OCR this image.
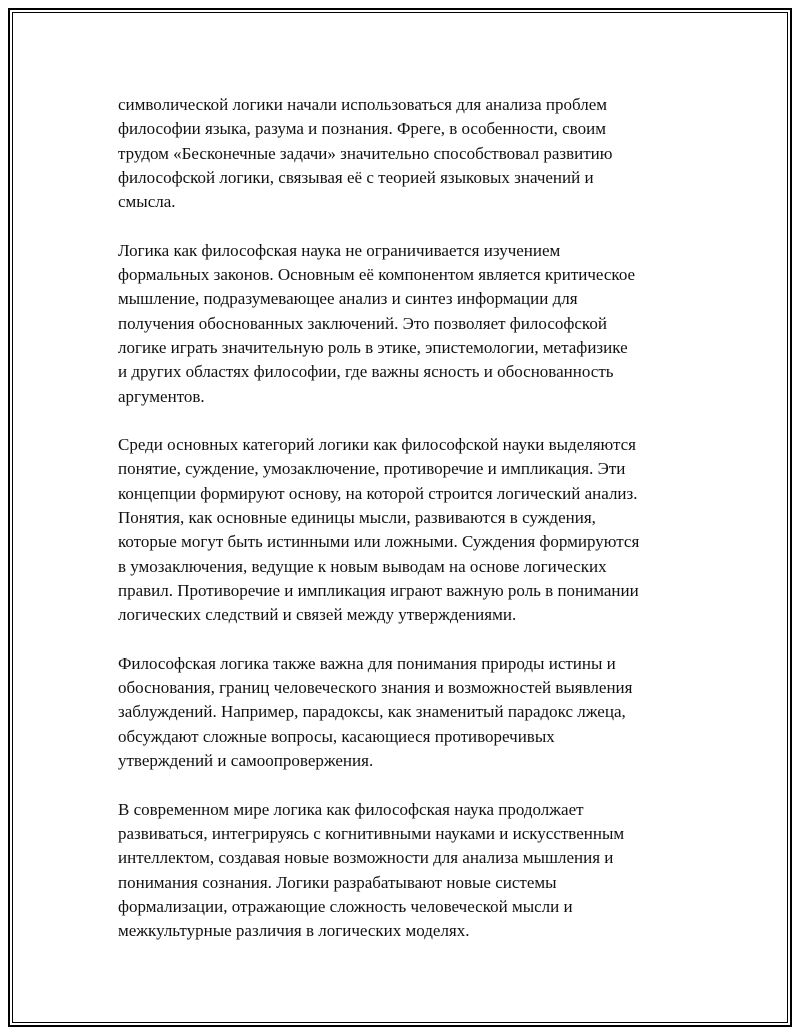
символической логики начали использоваться для анализа проблем
философии языка, разума и познания. Фреге, в особенности, своим
трудом «Бесконечные задачи» значительно способствовал развитию
философской логики, связывая её с теорией языковых значений и
смысла.

Логика как философская наука не ограничивается изучением
формальных законов. Основным её компонентом является критическое
мышление, подразумевающее анализ и синтез информации для
получения обоснованных заключений. Это позволяет философской
логике играть значительную роль в этике, эпистемологии, метафизике
и других областях философии, где важны ясность и обоснованность
аргументов.

Среди основных категорий логики как философской науки выделяются
понятие, суждение, умозаключение, противоречие и импликация. Эти
концепции формируют основу, на которой строится логический анализ.
Понятия, как основные единицы мысли, развиваются в суждения,
которые могут быть истинными или ложными. Суждения формируются
в умозаключения, ведущие к новым выводам на основе логических
правил. Противоречие и импликация играют важную роль в понимании
логических следствий и связей между утверждениями.

Философская логика также важна для понимания природы истины и
обоснования, границ человеческого знания и возможностей выявления
заблуждений. Например, парадоксы, как знаменитый парадокс лжеца,
обсуждают сложные вопросы, касающиеся противоречивых
утверждений и самоопровержения.

В современном мире логика как философская наука продолжает
развиваться, интегрируясь с когнитивными науками и искусственным
интеллектом, создавая новые возможности для анализа мышления и
понимания сознания. Логики разрабатывают новые системы
формализации, отражающие сложность человеческой мысли и
межкультурные различия в логических моделях.
